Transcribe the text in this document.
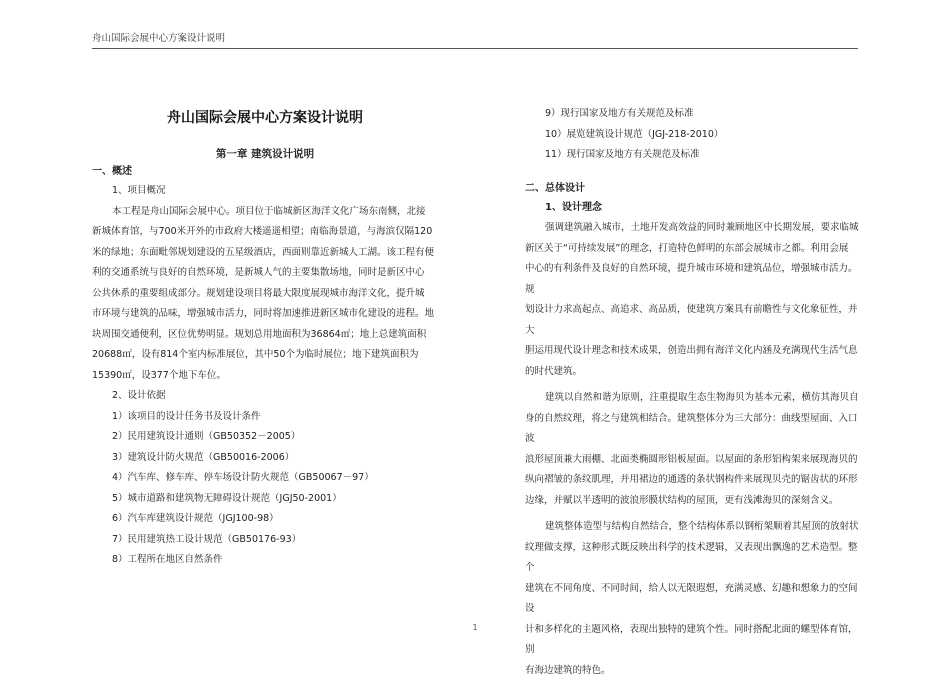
舟山国际会展中心方案设计说明
舟山国际会展中心方案设计说明
第一章 建筑设计说明
一、概述
1、项目概况
本工程是舟山国际会展中心。项目位于临城新区海洋文化广场东南侧，北接
新城体育馆，与700米开外的市政府大楼遥遥相望；南临海景道，与海滨仅隔120
米的绿地；东面毗邻规划建设的五星级酒店，西面则靠近新城人工湖。该工程有便
利的交通系统与良好的自然环境，是新城人气的主要集散场地，同时是新区中心
公共休系的重要组成部分。规划建设项目将最大限度展现城市海洋文化，提升城
市环境与建筑的品味，增强城市活力，同时将加速推进新区城市化建设的进程。地
块周围交通便利，区位优势明显。规划总用地面积为36864㎡；地上总建筑面积
20688㎡，设有814个室内标准展位，其中50个为临时展位；地下建筑面积为
15390㎡，设377个地下车位。
2、设计依据
1）该项目的设计任务书及设计条件
2）民用建筑设计通则（GB50352－2005）
3）建筑设计防火规范（GB50016-2006）
4）汽车库、修车库、停车场设计防火规范（GB50067－97）
5）城市道路和建筑物无障碍设计规范（JGJ50-2001）
6）汽车库建筑设计规范（JGJ100-98）
7）民用建筑热工设计规范（GB50176-93）
8）工程所在地区自然条件
9）现行国家及地方有关规范及标准
10）展览建筑设计规范（JGJ-218-2010）
11）现行国家及地方有关规范及标准
二、总体设计
1、设计理念
强调建筑融入城市，土地开发高效益的同时兼顾地区中长期发展，要求临城
新区关于“可持续发展”的理念，打造特色鲜明的东部会展城市之都。利用会展
中心的有利条件及良好的自然环境，提升城市环境和建筑品位，增强城市活力。规
划设计力求高起点、高追求、高品质，使建筑方案具有前瞻性与文化象征性，并大
胆运用现代设计理念和技术成果，创造出拥有海洋文化内涵及充满现代生活气息
的时代建筑。
建筑以自然和谐为原则，注重提取生态生物海贝为基本元素，横仿其海贝自
身的自然纹理，将之与建筑相结合。建筑整体分为三大部分：曲线型屋面、入口波
浪形屋顶兼大雨棚、北面类椭圆形铝板屋面。以屋面的条形铝构架来展现海贝的
纵向褶皱的条纹肌理，并用裙边的通透的条状钢构件来展现贝壳的锯齿状的环形
边缘，并赋以半透明的波浪形膜状结构的屋顶，更有浅滩海贝的深刻含义。
建筑整体造型与结构自然结合，整个结构体系以钢桁架顺着其屋顶的放射状
纹理做支撑，这种形式既反映出科学的技术逻辑，又表现出飘逸的艺术造型。整个
建筑在不同角度、不同时间，给人以无限遐想，充满灵感、幻趣和想象力的空间设
计和多样化的主题风格，表现出独特的建筑个性。同时搭配北面的螺型体育馆，别
有海边建筑的特色。
1
